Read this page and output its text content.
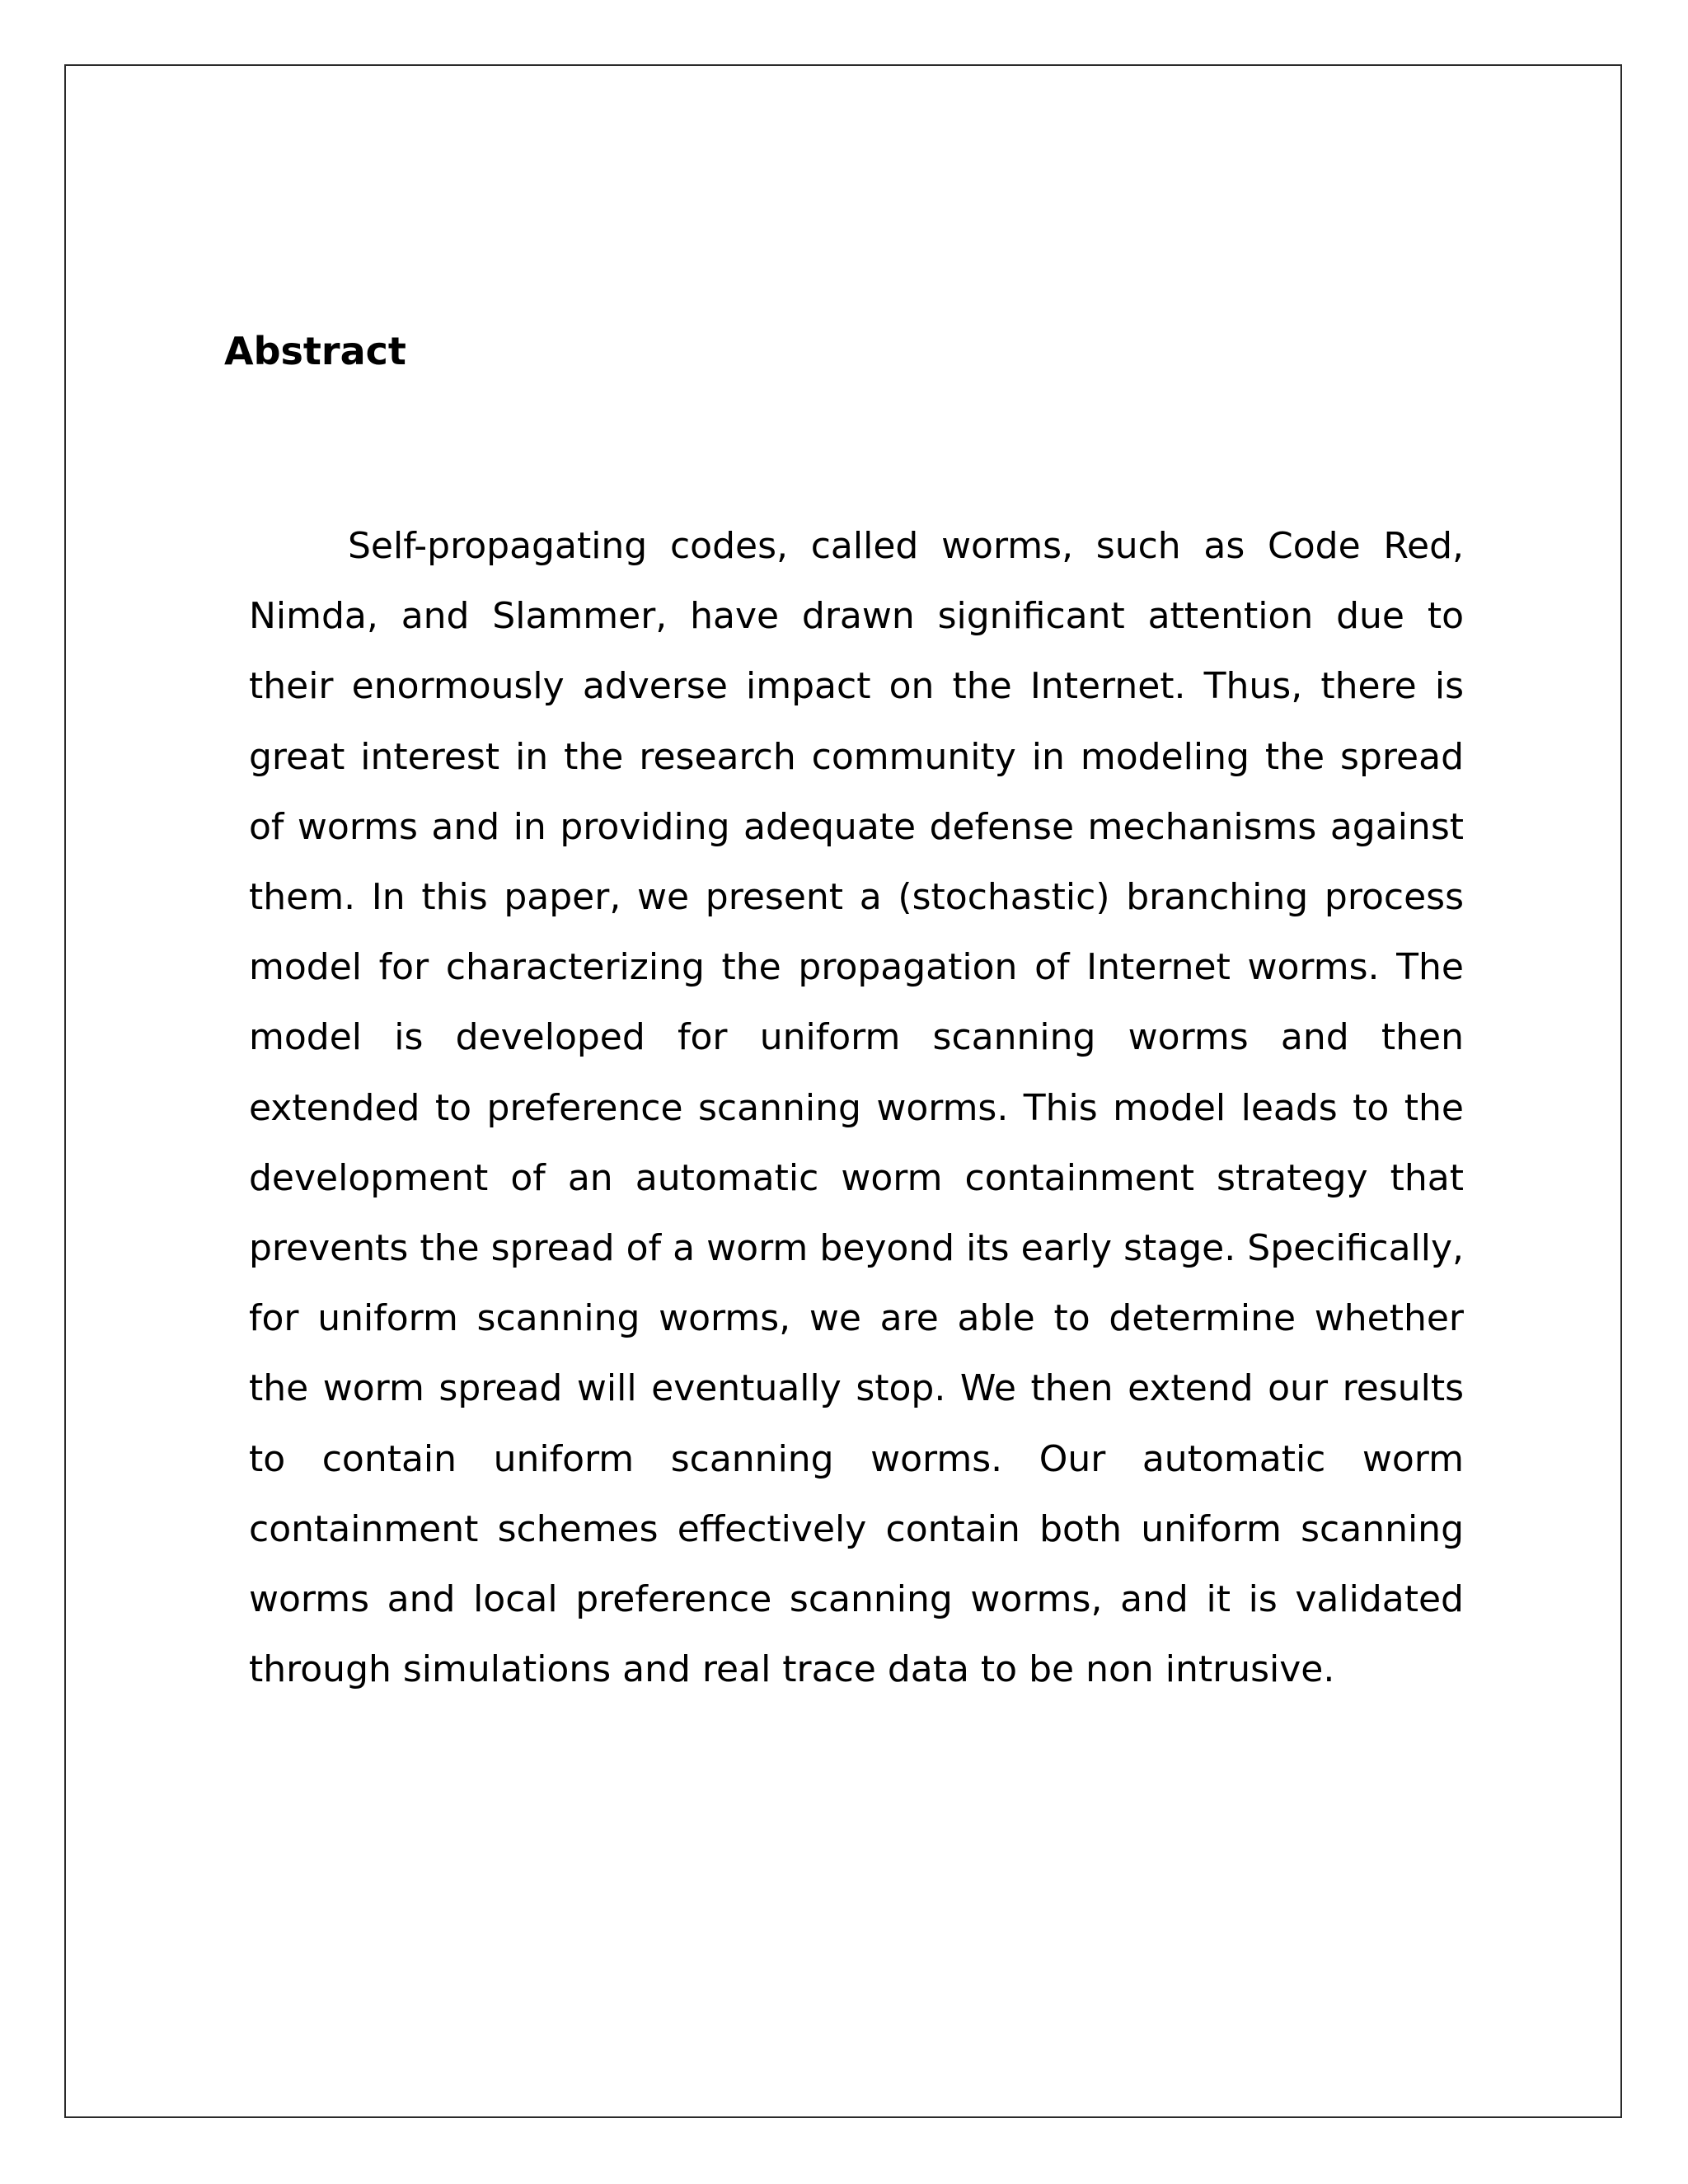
Abstract

Self-propagating codes, called worms, such as Code Red, Nimda, and Slammer, have drawn significant attention due to their enormously adverse impact on the Internet. Thus, there is great interest in the research community in modeling the spread of worms and in providing adequate defense mechanisms against them. In this paper, we present a (stochastic) branching process model for characterizing the propagation of Internet worms. The model is developed for uniform scanning worms and then extended to preference scanning worms. This model leads to the development of an automatic worm containment strategy that prevents the spread of a worm beyond its early stage. Specifically, for uniform scanning worms, we are able to determine whether the worm spread will eventually stop. We then extend our results to contain uniform scanning worms. Our automatic worm containment schemes effectively contain both uniform scanning worms and local preference scanning worms, and it is validated through simulations and real trace data to be non intrusive.
